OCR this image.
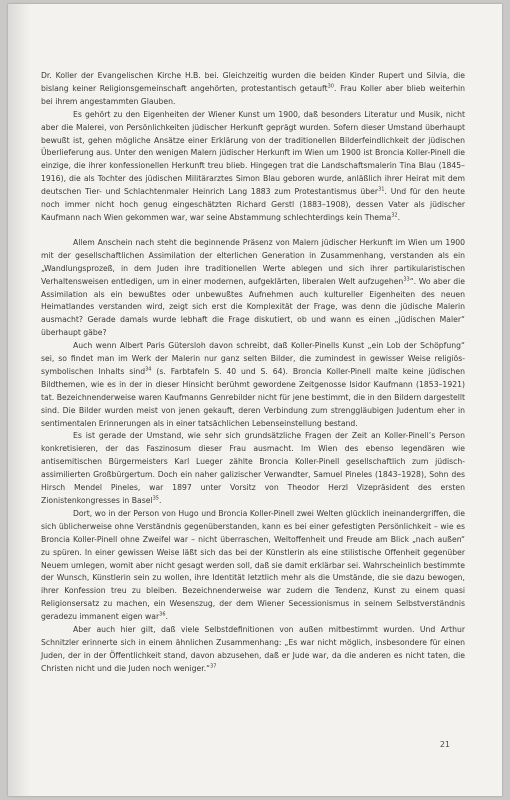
Dr. Koller der Evangelischen Kirche H.B. bei. Gleichzeitig wurden die beiden Kinder Rupert und Silvia, die bislang keiner Religionsgemeinschaft angehörten, protestantisch getauft$^{30}$. Frau Koller aber blieb weiterhin bei ihrem angestammten Glauben.

Es gehört zu den Eigenheiten der Wiener Kunst um 1900, daß besonders Literatur und Musik, nicht aber die Malerei, von Persönlichkeiten jüdischer Herkunft geprägt wurden. Sofern dieser Umstand überhaupt bewußt ist, gehen mögliche Ansätze einer Erklärung von der traditionellen Bilderfeindlichkeit der jüdischen Überlieferung aus. Unter den wenigen Malern jüdischer Herkunft im Wien um 1900 ist Broncia Koller-Pinell die einzige, die ihrer konfessionellen Herkunft treu blieb. Hingegen trat die Landschaftsmalerin Tina Blau (1845–1916), die als Tochter des jüdischen Militärarztes Simon Blau geboren wurde, anläßlich ihrer Heirat mit dem deutschen Tier- und Schlachtenmaler Heinrich Lang 1883 zum Protestantismus über$^{31}$. Und für den heute noch immer nicht hoch genug eingeschätzten Richard Gerstl (1883–1908), dessen Vater als jüdischer Kaufmann nach Wien gekommen war, war seine Abstammung schlechterdings kein Thema$^{32}$.

Allem Anschein nach steht die beginnende Präsenz von Malern jüdischer Herkunft im Wien um 1900 mit der gesellschaftlichen Assimilation der elterlichen Generation in Zusammenhang, verstanden als ein „Wandlungsprozeß, in dem Juden ihre traditionellen Werte ablegen und sich ihrer partikularistischen Verhaltensweisen entledigen, um in einer modernen, aufgeklärten, liberalen Welt aufzugehen$^{33}$“. Wo aber die Assimilation als ein bewußtes oder unbewußtes Aufnehmen auch kultureller Eigenheiten des neuen Heimatlandes verstanden wird, zeigt sich erst die Komplexität der Frage, was denn die jüdische Malerin ausmacht? Gerade damals wurde lebhaft die Frage diskutiert, ob und wann es einen „jüdischen Maler“ überhaupt gäbe?

Auch wenn Albert Paris Gütersloh davon schreibt, daß Koller-Pinells Kunst „ein Lob der Schöpfung“ sei, so findet man im Werk der Malerin nur ganz selten Bilder, die zumindest in gewisser Weise religiös-symbolischen Inhalts sind$^{34}$ (s. Farbtafeln S. 40 und S. 64). Broncia Koller-Pinell malte keine jüdischen Bildthemen, wie es in der in dieser Hinsicht berühmt gewordene Zeitgenosse Isidor Kaufmann (1853–1921) tat. Bezeichnenderweise waren Kaufmanns Genrebilder nicht für jene bestimmt, die in den Bildern dargestellt sind. Die Bilder wurden meist von jenen gekauft, deren Verbindung zum strenggläubigen Judentum eher in sentimentalen Erinnerungen als in einer tatsächlichen Lebenseinstellung bestand.

Es ist gerade der Umstand, wie sehr sich grundsätzliche Fragen der Zeit an Koller-Pinell’s Person konkretisieren, der das Faszinosum dieser Frau ausmacht. Im Wien des ebenso legendären wie antisemitischen Bürgermeisters Karl Lueger zählte Broncia Koller-Pinell gesellschaftlich zum jüdisch-assimilierten Großbürgertum. Doch ein naher galizischer Verwandter, Samuel Pineles (1843–1928), Sohn des Hirsch Mendel Pineles, war 1897 unter Vorsitz von Theodor Herzl Vizepräsident des ersten Zionistenkongresses in Basel$^{35}$.

Dort, wo in der Person von Hugo und Broncia Koller-Pinell zwei Welten glücklich ineinandergriffen, die sich üblicherweise ohne Verständnis gegenüberstanden, kann es bei einer gefestigten Persönlichkeit – wie es Broncia Koller-Pinell ohne Zweifel war – nicht überraschen, Weltoffenheit und Freude am Blick „nach außen“ zu spüren. In einer gewissen Weise läßt sich das bei der Künstlerin als eine stilistische Offenheit gegenüber Neuem umlegen, womit aber nicht gesagt werden soll, daß sie damit erklärbar sei. Wahrscheinlich bestimmte der Wunsch, Künstlerin sein zu wollen, ihre Identität letztlich mehr als die Umstände, die sie dazu bewogen, ihrer Konfession treu zu bleiben. Bezeichnenderweise war zudem die Tendenz, Kunst zu einem quasi Religionsersatz zu machen, ein Wesenszug, der dem Wiener Secessionismus in seinem Selbstverständnis geradezu immanent eigen war$^{36}$.

Aber auch hier gilt, daß viele Selbstdefinitionen von außen mitbestimmt wurden. Und Arthur Schnitzler erinnerte sich in einem ähnlichen Zusammenhang: „Es war nicht möglich, insbesondere für einen Juden, der in der Öffentlichkeit stand, davon abzusehen, daß er Jude war, da die anderen es nicht taten, die Christen nicht und die Juden noch weniger.“$^{37}$

21
